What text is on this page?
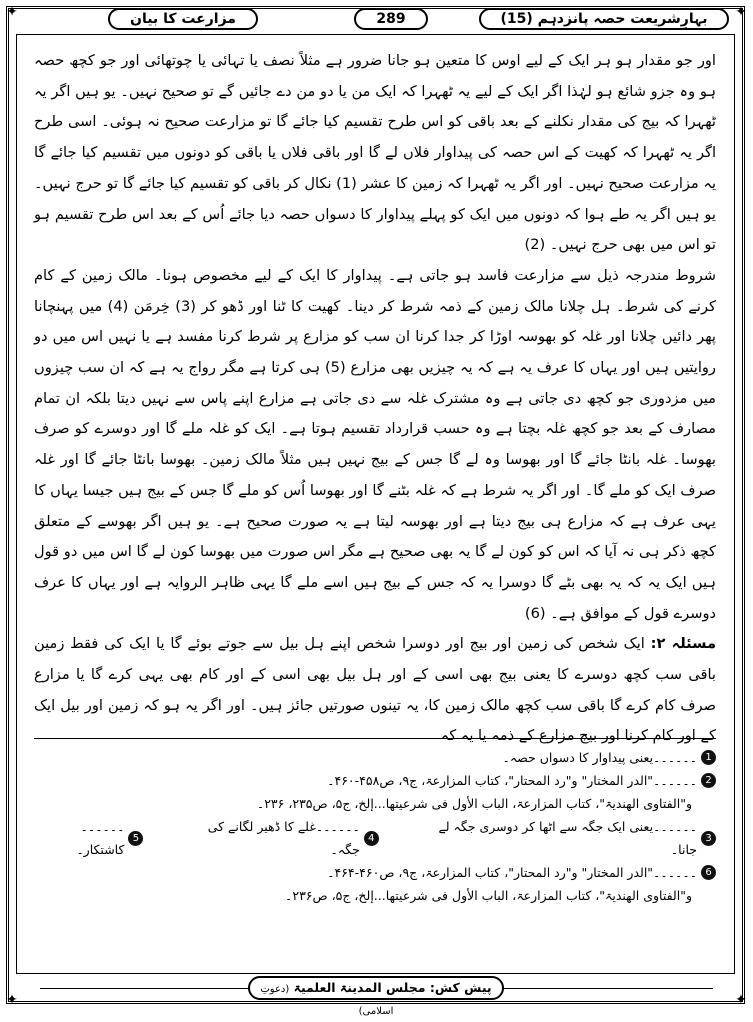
✦	✦
✦	✦
بہارِشریعت حصہ پانزدہم (15)
289
مزارعت کا بیان

اور جو مقدار ہو ہر ایک کے لیے اوس کا متعین ہو جانا ضرور ہے مثلاً نصف یا تہائی یا چوتھائی اور جو کچھ حصہ ہو وہ جزو شائع ہو لہٰذا اگر ایک کے لیے یہ ٹھہرا کہ ایک من یا دو من دے جائیں گے تو صحیح نہیں۔ یو ہیں اگر یہ ٹھہرا کہ بیج کی مقدار نکلنے کے بعد باقی کو اس طرح تقسیم کیا جائے گا تو مزارعت صحیح نہ ہوئی۔ اسی طرح اگر یہ ٹھہرا کہ کھیت کے اس حصہ کی پیداوار فلاں لے گا اور باقی فلاں یا باقی کو دونوں میں تقسیم کیا جائے گا یہ مزارعت صحیح نہیں۔ اور اگر یہ ٹھہرا کہ زمین کا عشر (1) نکال کر باقی کو تقسیم کیا جائے گا تو حرج نہیں۔ یو ہیں اگر یہ طے ہوا کہ دونوں میں ایک کو پہلے پیداوار کا دسواں حصہ دیا جائے اُس کے بعد اس طرح تقسیم ہو تو اس میں بھی حرج نہیں۔ (2)

شروط مندرجہ ذیل سے مزارعت فاسد ہو جاتی ہے۔ پیداوار کا ایک کے لیے مخصوص ہونا۔ مالک زمین کے کام کرنے کی شرط۔ ہل چلانا مالک زمین کے ذمہ شرط کر دینا۔ کھیت کا ٹنا اور ڈھو کر (3) خِرمَن (4) میں پہنچانا پھر دائیں چلانا اور غلہ کو بھوسہ اوڑا کر جدا کرنا ان سب کو مزارع پر شرط کرنا مفسد ہے یا نہیں اس میں دو روایتیں ہیں اور یہاں کا عرف یہ ہے کہ یہ چیزیں بھی مزارع (5) ہی کرتا ہے مگر رواج یہ ہے کہ ان سب چیزوں میں مزدوری جو کچھ دی جاتی ہے وہ مشترک غلہ سے دی جاتی ہے مزارع اپنے پاس سے نہیں دیتا بلکہ ان تمام مصارف کے بعد جو کچھ غلہ بچتا ہے وہ حسب قرارداد تقسیم ہوتا ہے۔ ایک کو غلہ ملے گا اور دوسرے کو صرف بھوسا۔ غلہ بانٹا جائے گا اور بھوسا وہ لے گا جس کے بیج نہیں ہیں مثلاً مالک زمین۔ بھوسا بانٹا جائے گا اور غلہ صرف ایک کو ملے گا۔ اور اگر یہ شرط ہے کہ غلہ بٹنے گا اور بھوسا اُس کو ملے گا جس کے بیج ہیں جیسا یہاں کا یہی عرف ہے کہ مزارع ہی بیج دیتا ہے اور بھوسہ لیتا ہے یہ صورت صحیح ہے۔ یو ہیں اگر بھوسے کے متعلق کچھ ذکر ہی نہ آیا کہ اس کو کون لے گا یہ بھی صحیح ہے مگر اس صورت میں بھوسا کون لے گا اس میں دو قول ہیں ایک یہ کہ یہ بھی بٹے گا دوسرا یہ کہ جس کے بیج ہیں اسے ملے گا یہی ظاہر الروایہ ہے اور یہاں کا عرف دوسرے قول کے موافق ہے۔ (6)

مسئلہ ۲: ایک شخص کی زمین اور بیج اور دوسرا شخص اپنے ہل بیل سے جوتے بوئے گا یا ایک کی فقط زمین باقی سب کچھ دوسرے کا یعنی بیج بھی اسی کے اور ہل بیل بھی اسی کے اور کام بھی یہی کرے گا یا مزارع صرف کام کرے گا باقی سب کچھ مالک زمین کا، یہ تینوں صورتیں جائز ہیں۔ اور اگر یہ ہو کہ زمین اور بیل ایک کے اور کام کرنا اور بیج مزارع کے ذمہ یا یہ کہ

1
۔۔۔۔۔۔یعنی پیداوار کا دسواں حصہ۔
2
۔۔۔۔۔۔"الدر المختار" و"رد المحتار"، کتاب المزارعۃ، ج۹، ص۴۵۸-۴۶۰۔
و"الفتاوی الھندیۃ"، کتاب المزارعۃ، الباب الأول فی شرعیتھا...إلخ، ج۵، ص۲۳۵، ۲۳۶۔
3
۔۔۔۔۔۔یعنی ایک جگہ سے اٹھا کر دوسری جگہ لے جانا۔
4
۔۔۔۔۔۔غلے کا ڈھیر لگانے کی جگہ۔
5
۔۔۔۔۔۔کاشتکار۔
6
۔۔۔۔۔۔"الدر المختار" و"رد المحتار"، کتاب المزارعۃ، ج۹، ص۴۶۰-۴۶۴۔
و"الفتاوی الھندیۃ"، کتاب المزارعۃ، الباب الأول فی شرعیتھا...إلخ، ج۵، ص۲۳۶۔
پیش کش: مجلس المدینۃ العلمیۃ (دعوتِ اسلامی)
